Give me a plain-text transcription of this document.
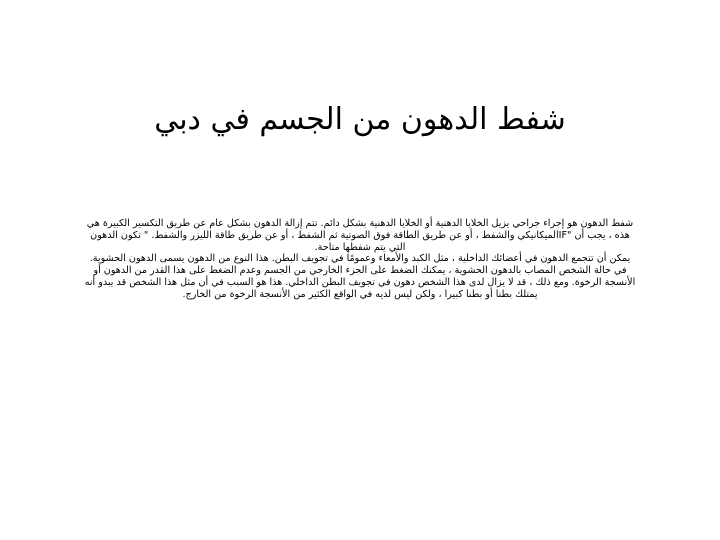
شفط الدهون من الجسم في دبي

شفط الدهون هو إجراء جراحي يزيل الخلايا الدهنية أو الخلايا الدهنية بشكل دائم. تتم إزالة الدهون بشكل عام عن طريق التكسير الكبيرة هي هذه ، يجب أن "IFالميكانيكي والشفط ، أو عن طريق الطاقة فوق الصوتية ثم الشفط ، أو عن طريق طاقة الليزر والشفط. " تكون الدهون التي يتم شفطها متاحة.

يمكن أن تتجمع الدهون في أعضائك الداخلية ، مثل الكبد والأمعاء وعمومًا في تجويف البطن. هذا النوع من الدهون يسمى الدهون الحشوية. في حالة الشخص المصاب بالدهون الحشوية ، يمكنك الضغط على الجزء الخارجي من الجسم وعدم الضغط على هذا القدر من الدهون أو الأنسجة الرخوة. ومع ذلك ، قد لا يزال لدى هذا الشخص دهون في تجويف البطن الداخلي. هذا هو السبب في أن مثل هذا الشخص قد يبدو أنه يمتلك بطنا أو بطنا كبيرا ، ولكن ليس لديه في الواقع الكثير من الأنسجة الرخوة من الخارج.
